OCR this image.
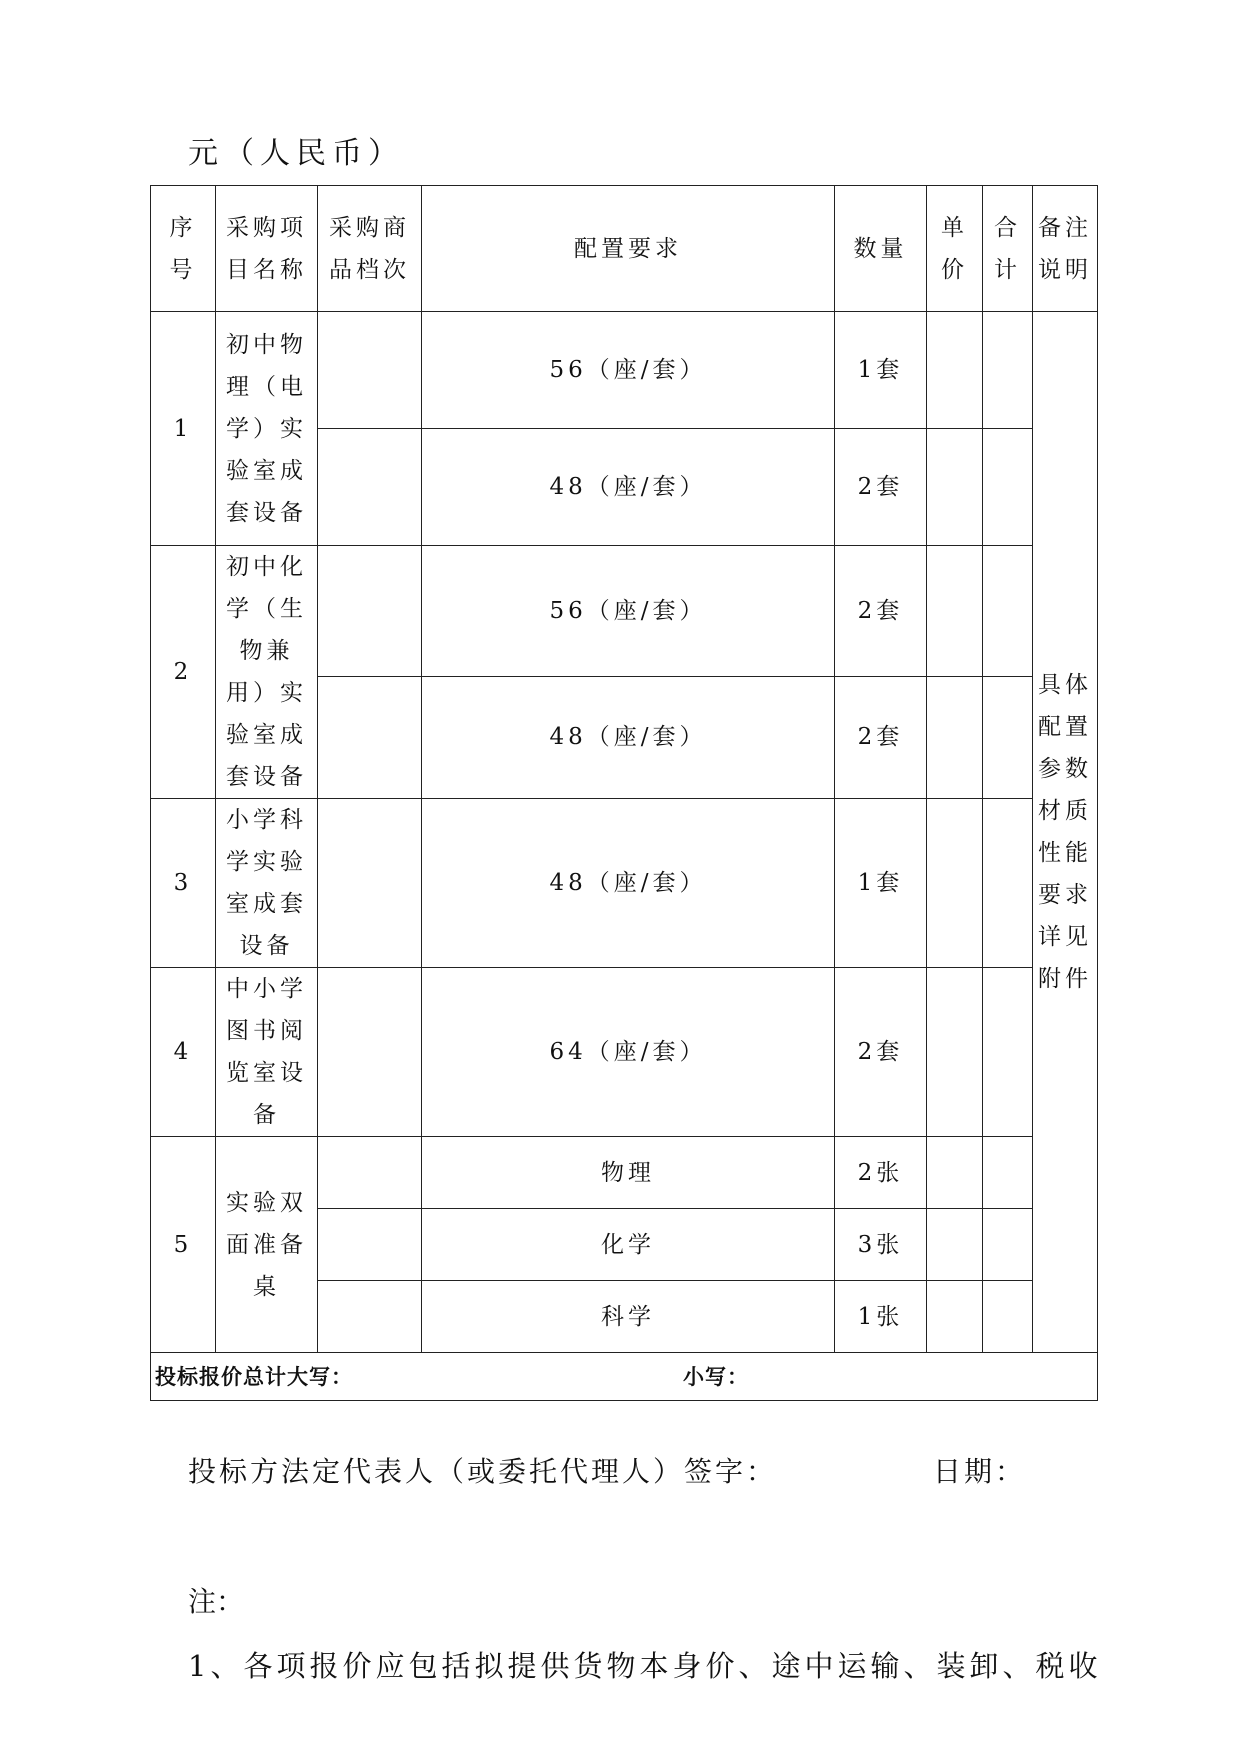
元（人民币）
序号	采购项目名称	采购商品档次	配置要求	数量	单价	合计	备注说明
1	初中物理（电学）实验室成套设备		56（座/套）	1套			具体配置参数材质性能要求详见附件
			48（座/套）	2套			
2	初中化学（生物兼用）实验室成套设备		56（座/套）	2套			
			48（座/套）	2套			
3	小学科学实验室成套设备		48（座/套）	1套			
4	中小学图书阅览室设备		64（座/套）	2套			
5	实验双面准备桌		物理	2张			
			化学	3张			
			科学	1张			
投标报价总计大写： 小写：							
投标方法定代表人（或委托代理人）签字：	日期：
注：
1、各项报价应包括拟提供货物本身价、途中运输、装卸、税收
